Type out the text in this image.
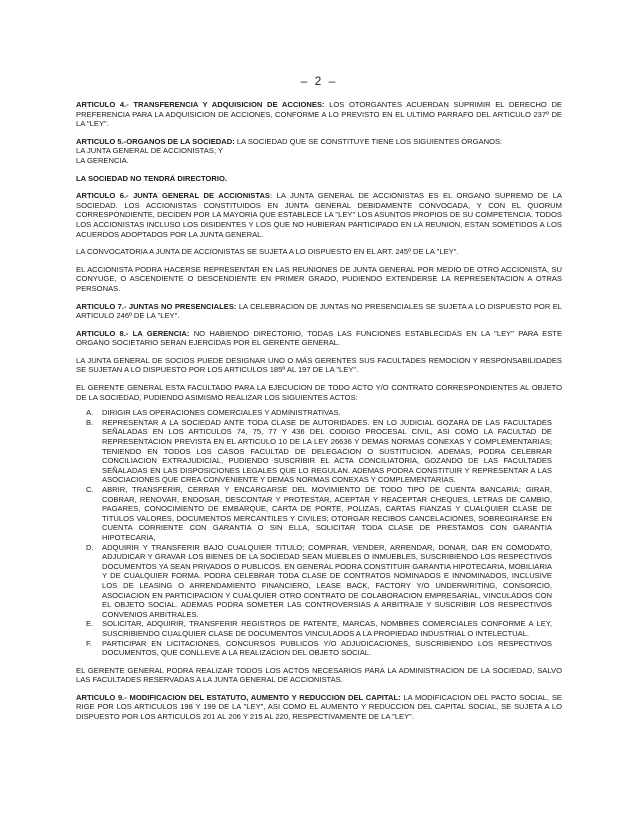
– 2 –

ARTICULO 4.- TRANSFERENCIA Y ADQUISICION DE ACCIONES: LOS OTORGANTES ACUERDAN SUPRIMIR EL DERECHO DE PREFERENCIA PARA LA ADQUISICION DE ACCIONES, CONFORME A LO PREVISTO EN EL ULTIMO PARRAFO DEL ARTICULO 237º DE LA "LEY".

ARTICULO 5.-ORGANOS DE LA SOCIEDAD: LA SOCIEDAD QUE SE CONSTITUYE TIENE LOS SIGUIENTES ÓRGANOS:
LA JUNTA GENERAL DE ACCIONISTAS; Y
LA GERENCIA.

LA SOCIEDAD NO TENDRÁ DIRECTORIO.

ARTICULO 6.- JUNTA GENERAL DE ACCIONISTAS: LA JUNTA GENERAL DE ACCIONISTAS ES EL ORGANO SUPREMO DE LA SOCIEDAD. LOS ACCIONISTAS CONSTITUIDOS EN JUNTA GENERAL DEBIDAMENTE CONVOCADA, Y CON EL QUORUM CORRESPONDIENTE, DECIDEN POR LA MAYORIA QUE ESTABLECE LA "LEY" LOS ASUNTOS PROPIOS DE SU COMPETENCIA. TODOS LOS ACCIONISTAS INCLUSO LOS DISIDENTES Y LOS QUE NO HUBIERAN PARTICIPADO EN LA REUNION, ESTAN SOMETIDOS A LOS ACUERDOS ADOPTADOS POR LA JUNTA GENERAL.

LA CONVOCATORIA A JUNTA DE ACCIONISTAS SE SUJETA A LO DISPUESTO EN EL ART. 245º DE LA "LEY".

EL ACCIONISTA PODRA HACERSE REPRESENTAR EN LAS REUNIONES DE JUNTA GENERAL POR MEDIO DE OTRO ACCIONISTA, SU CONYUGE, O ASCENDIENTE O DESCENDIENTE EN PRIMER GRADO, PUDIENDO EXTENDERSE LA REPRESENTACION A OTRAS PERSONAS.

ARTICULO 7.- JUNTAS NO PRESENCIALES: LA CELEBRACION DE JUNTAS NO PRESENCIALES SE SUJETA A LO DISPUESTO POR EL ARTICULO 246º DE LA "LEY".

ARTICULO 8.- LA GERENCIA: NO HABIENDO DIRECTORIO, TODAS LAS FUNCIONES ESTABLECIDAS EN LA "LEY" PARA ESTE ORGANO SOCIETARIO SERAN EJERCIDAS POR EL GERENTE GENERAL.

LA JUNTA GENERAL DE SOCIOS PUEDE DESIGNAR UNO O MÁS GERENTES SUS FACULTADES REMOCION Y RESPONSABILIDADES SE SUJETAN A LO DISPUESTO POR LOS ARTICULOS 185º AL 197 DE LA "LEY".

EL GERENTE GENERAL ESTA FACULTADO PARA LA EJECUCION DE TODO ACTO Y/O CONTRATO CORRESPONDIENTES AL OBJETO DE LA SOCIEDAD, PUDIENDO ASIMISMO REALIZAR LOS SIGUIENTES ACTOS:

A. DIRIGIR LAS OPERACIONES COMERCIALES Y ADMINISTRATIVAS.
B. REPRESENTAR A LA SOCIEDAD ANTE TODA CLASE DE AUTORIDADES. EN LO JUDICIAL GOZARA DE LAS FACULTADES SEÑALADAS EN LOS ARTICULOS 74, 75, 77 Y 436 DEL CODIGO PROCESAL CIVIL, ASI COMO LA FACULTAD DE REPRESENTACION PREVISTA EN EL ARTICULO 10 DE LA LEY 26636 Y DEMAS NORMAS CONEXAS Y COMPLEMENTARIAS; TENIENDO EN TODOS LOS CASOS FACULTAD DE DELEGACION O SUSTITUCION. ADEMAS, PODRA CELEBRAR CONCILIACION EXTRAJUDICIAL, PUDIENDO SUSCRIBIR EL ACTA CONCILIATORIA, GOZANDO DE LAS FACULTADES SEÑALADAS EN LAS DISPOSICIONES LEGALES QUE LO REGULAN. ADEMAS PODRA CONSTITUIR Y REPRESENTAR A LAS ASOCIACIONES QUE CREA CONVENIENTE Y DEMAS NORMAS CONEXAS Y COMPLEMENTARIAS.
C. ABRIR, TRANSFERIR, CERRAR Y ENCARGARSE DEL MOVIMIENTO DE TODO TIPO DE CUENTA BANCARIA; GIRAR, COBRAR, RENOVAR, ENDOSAR, DESCONTAR Y PROTESTAR, ACEPTAR Y REACEPTAR CHEQUES, LETRAS DE CAMBIO, PAGARES, CONOCIMIENTO DE EMBARQUE, CARTA DE PORTE, POLIZAS, CARTAS FIANZAS Y CUALQUIER CLASE DE TITULOS VALORES, DOCUMENTOS MERCANTILES Y CIVILES; OTORGAR RECIBOS CANCELACIONES, SOBREGIRARSE EN CUENTA CORRIENTE CON GARANTIA O SIN ELLA, SOLICITAR TODA CLASE DE PRESTAMOS CON GARANTIA HIPOTECARIA,
D. ADQUIRIR Y TRANSFERIR BAJO CUALQUIER TITULO; COMPRAR, VENDER, ARRENDAR, DONAR, DAR EN COMODATO, ADJUDICAR Y GRAVAR LOS BIENES DE LA SOCIEDAD SEAN MUEBLES O INMUEBLES, SUSCRIBIENDO LOS RESPECTIVOS DOCUMENTOS YA SEAN PRIVADOS O PUBLICOS. EN GENERAL PODRA CONSTITUIR GARANTIA HIPOTECARIA, MOBILIARIA Y DE CUALQUIER FORMA. PODRA CELEBRAR TODA CLASE DE CONTRATOS NOMINADOS E INNOMINADOS, INCLUSIVE LOS DE LEASING O ARRENDAMIENTO FINANCIERO, LEASE BACK, FACTORY Y/O UNDERWRITING, CONSORCIO, ASOCIACION EN PARTICIPACION Y CUALQUIER OTRO CONTRATO DE COLABORACION EMPRESARIAL, VINCULADOS CON EL OBJETO SOCIAL. ADEMAS PODRA SOMETER LAS CONTROVERSIAS A ARBITRAJE Y SUSCRIBIR LOS RESPECTIVOS CONVENIOS ARBITRALES.
E. SOLICITAR, ADQUIRIR, TRANSFERIR REGISTROS DE PATENTE, MARCAS, NOMBRES COMERCIALES CONFORME A LEY, SUSCRIBIENDO CUALQUIER CLASE DE DOCUMENTOS VINCULADOS A LA PROPIEDAD INDUSTRIAL O INTELECTUAL.
F. PARTICIPAR EN LICITACIONES, CONCURSOS PUBLICOS Y/O ADJUDICACIONES, SUSCRIBIENDO LOS RESPECTIVOS DOCUMENTOS, QUE CONLLEVE A LA REALIZACION DEL OBJETO SOCIAL.

EL GERENTE GENERAL PODRA REALIZAR TODOS LOS ACTOS NECESARIOS PARA LA ADMINISTRACION DE LA SOCIEDAD, SALVO LAS FACULTADES RESERVADAS A LA JUNTA GENERAL DE ACCIONISTAS.

ARTICULO 9.- MODIFICACION DEL ESTATUTO, AUMENTO Y REDUCCION DEL CAPITAL: LA MODIFICACION DEL PACTO SOCIAL, SE RIGE POR LOS ARTICULOS 198 Y 199 DE LA "LEY", ASI COMO EL AUMENTO Y REDUCCION DEL CAPITAL SOCIAL, SE SUJETA A LO DISPUESTO POR LOS ARTICULOS 201 AL 206 Y 215 AL 220, RESPECTIVAMENTE DE LA "LEY".
